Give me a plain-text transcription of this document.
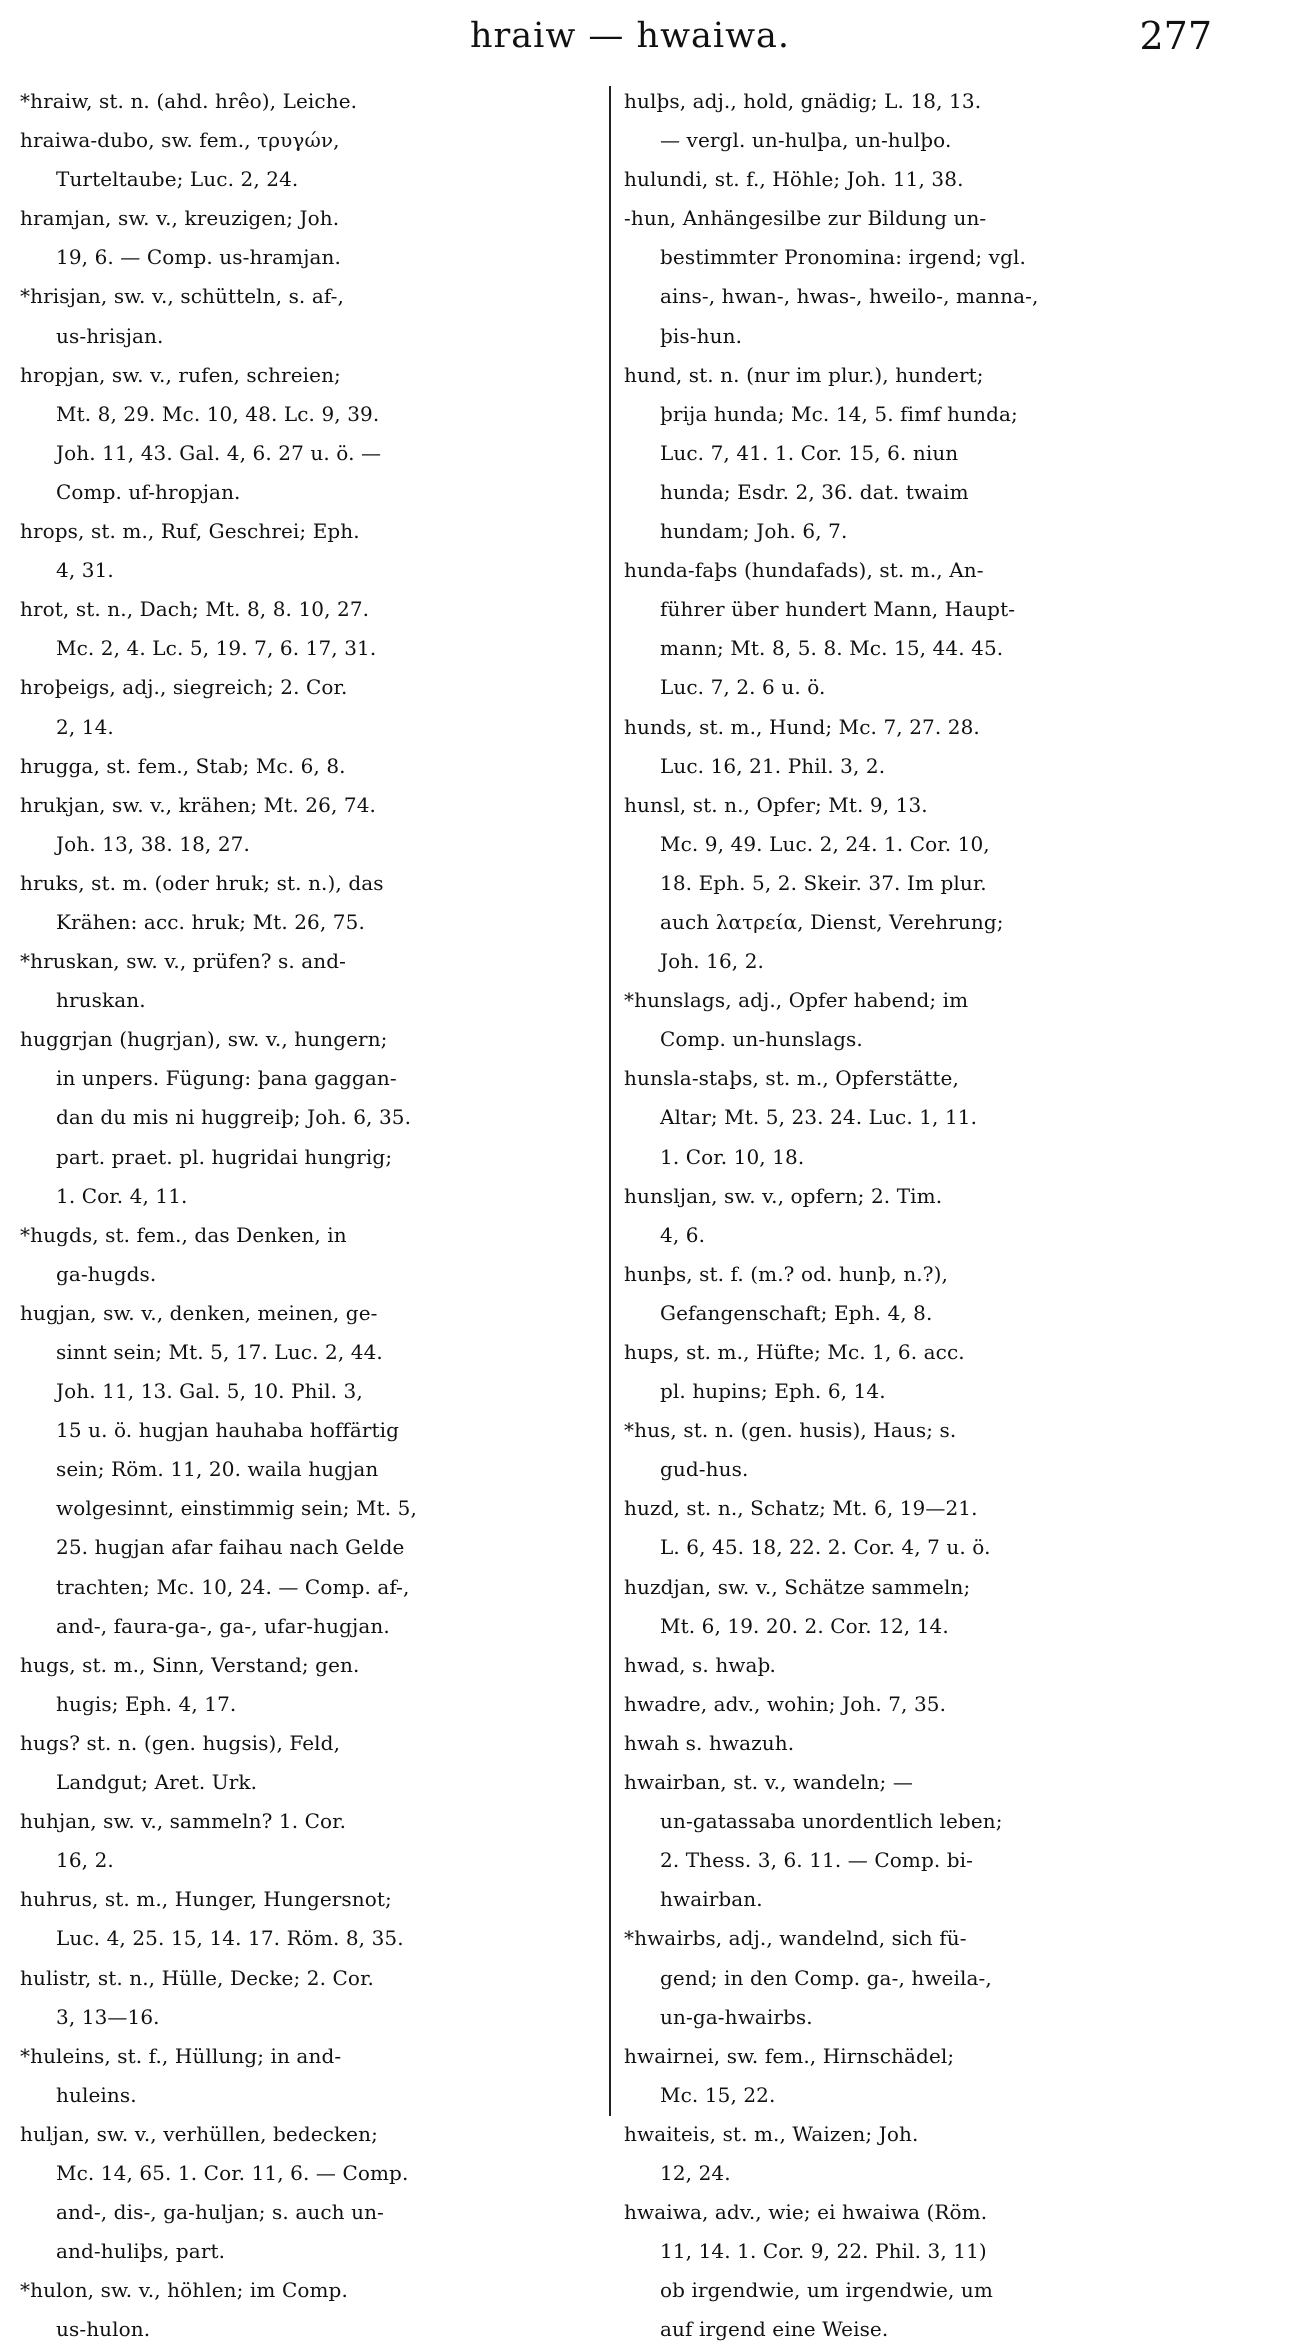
hraiw — hwaiwa.	277
*hraiw, st. n. (ahd. hrêo), Leiche.
hraiwa-dubo, sw. fem., τρυγών,
Turteltaube; Luc. 2, 24.
hramjan, sw. v., kreuzigen; Joh.
19, 6. — Comp. us-hramjan.
*hrisjan, sw. v., schütteln, s. af-,
us-hrisjan.
hropjan, sw. v., rufen, schreien;
Mt. 8, 29. Mc. 10, 48. Lc. 9, 39.
Joh. 11, 43. Gal. 4, 6. 27 u. ö. —
Comp. uf-hropjan.
hrops, st. m., Ruf, Geschrei; Eph.
4, 31.
hrot, st. n., Dach; Mt. 8, 8. 10, 27.
Mc. 2, 4. Lc. 5, 19. 7, 6. 17, 31.
hroþeigs, adj., siegreich; 2. Cor.
2, 14.
hrugga, st. fem., Stab; Mc. 6, 8.
hrukjan, sw. v., krähen; Mt. 26, 74.
Joh. 13, 38. 18, 27.
hruks, st. m. (oder hruk; st. n.), das
Krähen: acc. hruk; Mt. 26, 75.
*hruskan, sw. v., prüfen? s. and-
hruskan.
huggrjan (hugrjan), sw. v., hungern;
in unpers. Fügung: þana gaggan-
dan du mis ni huggreiþ; Joh. 6, 35.
part. praet. pl. hugridai hungrig;
1. Cor. 4, 11.
*hugds, st. fem., das Denken, in
ga-hugds.
hugjan, sw. v., denken, meinen, ge-
sinnt sein; Mt. 5, 17. Luc. 2, 44.
Joh. 11, 13. Gal. 5, 10. Phil. 3,
15 u. ö. hugjan hauhaba hoffärtig
sein; Röm. 11, 20. waila hugjan
wolgesinnt, einstimmig sein; Mt. 5,
25. hugjan afar faihau nach Gelde
trachten; Mc. 10, 24. — Comp. af-,
and-, faura-ga-, ga-, ufar-hugjan.
hugs, st. m., Sinn, Verstand; gen.
hugis; Eph. 4, 17.
hugs? st. n. (gen. hugsis), Feld,
Landgut; Aret. Urk.
huhjan, sw. v., sammeln? 1. Cor.
16, 2.
huhrus, st. m., Hunger, Hungersnot;
Luc. 4, 25. 15, 14. 17. Röm. 8, 35.
hulistr, st. n., Hülle, Decke; 2. Cor.
3, 13—16.
*huleins, st. f., Hüllung; in and-
huleins.
huljan, sw. v., verhüllen, bedecken;
Mc. 14, 65. 1. Cor. 11, 6. — Comp.
and-, dis-, ga-huljan; s. auch un-
and-huliþs, part.
*hulon, sw. v., höhlen; im Comp.
us-hulon.
hulþs, adj., hold, gnädig; L. 18, 13.
— vergl. un-hulþa, un-hulþo.
hulundi, st. f., Höhle; Joh. 11, 38.
-hun, Anhängesilbe zur Bildung un-
bestimmter Pronomina: irgend; vgl.
ains-, hwan-, hwas-, hweilo-, manna-,
þis-hun.
hund, st. n. (nur im plur.), hundert;
þrija hunda; Mc. 14, 5. fimf hunda;
Luc. 7, 41. 1. Cor. 15, 6. niun
hunda; Esdr. 2, 36. dat. twaim
hundam; Joh. 6, 7.
hunda-faþs (hundafads), st. m., An-
führer über hundert Mann, Haupt-
mann; Mt. 8, 5. 8. Mc. 15, 44. 45.
Luc. 7, 2. 6 u. ö.
hunds, st. m., Hund; Mc. 7, 27. 28.
Luc. 16, 21. Phil. 3, 2.
hunsl, st. n., Opfer; Mt. 9, 13.
Mc. 9, 49. Luc. 2, 24. 1. Cor. 10,
18. Eph. 5, 2. Skeir. 37. Im plur.
auch λατρεία, Dienst, Verehrung;
Joh. 16, 2.
*hunslags, adj., Opfer habend; im
Comp. un-hunslags.
hunsla-staþs, st. m., Opferstätte,
Altar; Mt. 5, 23. 24. Luc. 1, 11.
1. Cor. 10, 18.
hunsljan, sw. v., opfern; 2. Tim.
4, 6.
hunþs, st. f. (m.? od. hunþ, n.?),
Gefangenschaft; Eph. 4, 8.
hups, st. m., Hüfte; Mc. 1, 6. acc.
pl. hupins; Eph. 6, 14.
*hus, st. n. (gen. husis), Haus; s.
gud-hus.
huzd, st. n., Schatz; Mt. 6, 19—21.
L. 6, 45. 18, 22. 2. Cor. 4, 7 u. ö.
huzdjan, sw. v., Schätze sammeln;
Mt. 6, 19. 20. 2. Cor. 12, 14.
hwad, s. hwaþ.
hwadre, adv., wohin; Joh. 7, 35.
hwah s. hwazuh.
hwairban, st. v., wandeln; —
un-gatassaba unordentlich leben;
2. Thess. 3, 6. 11. — Comp. bi-
hwairban.
*hwairbs, adj., wandelnd, sich fü-
gend; in den Comp. ga-, hweila-,
un-ga-hwairbs.
hwairnei, sw. fem., Hirnschädel;
Mc. 15, 22.
hwaiteis, st. m., Waizen; Joh.
12, 24.
hwaiwa, adv., wie; ei hwaiwa (Röm.
11, 14. 1. Cor. 9, 22. Phil. 3, 11)
ob irgendwie, um irgendwie, um
auf irgend eine Weise.
